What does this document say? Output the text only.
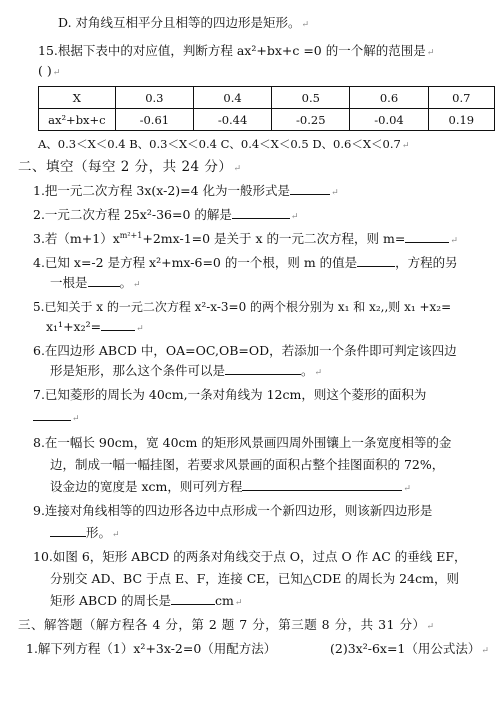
D. 对角线互相平分且相等的四边形是矩形。↵
15.根据下表中的对应值，判断方程 ax²+bx+c =0 的一个解的范围是↵
( )↵
X	0.3	0.4	0.5	0.6	0.7
ax²+bx+c	-0.61	-0.44	-0.25	-0.04	0.19
A、0.3＜X＜0.4 B、0.3＜X＜0.4 C、0.4＜X＜0.5 D、0.6＜X＜0.7↵
二、填空（每空 2 分，共 24 分）↵
1.把一元二次方程 3x(x-2)=4 化为一般形式是	↵
2.一元二次方程 25x²-36=0 的解是	↵
3.若$(m+1)x^{m^2+1}+2mx-1=0$ 是关于 x 的一元二次方程，则 m=	↵
4.已知 x=-2 是方程 x²+mx-6=0 的一个根，则 m 的值是	，方程的另
一根是	。↵
5.已知关于 x 的一元二次方程 x²-x-3=0 的两个根分别为 x₁ 和 x₂,,则 x₁ +x₂=
x₁¹+x₂²=	↵
6.在四边形 ABCD 中，OA=OC,OB=OD，若添加一个条件即可判定该四边
形是矩形，那么这个条件可以是	。↵
7.已知菱形的周长为 40cm,一条对角线为 12cm，则这个菱形的面积为
↵
8.在一幅长 90cm，宽 40cm 的矩形风景画四周外围镶上一条宽度相等的金
边，制成一幅一幅挂图，若要求风景画的面积占整个挂图面积的 72%，
设金边的宽度是 xcm，则可列方程	↵
9.连接对角线相等的四边形各边中点形成一个新四边形，则该新四边形是
形。↵
10.如图 6，矩形 ABCD 的两条对角线交于点 O，过点 O 作 AC 的垂线 EF，
分别交 AD、BC 于点 E、F，连接 CE，已知△CDE 的周长为 24cm，则
矩形 ABCD 的周长是	cm↵
三、解答题（解方程各 4 分，第 2 题 7 分，第三题 8 分，共 31 分）↵
1.解下列方程（1）x²+3x-2=0（用配方法）	(2)3x²-6x=1（用公式法）↵
